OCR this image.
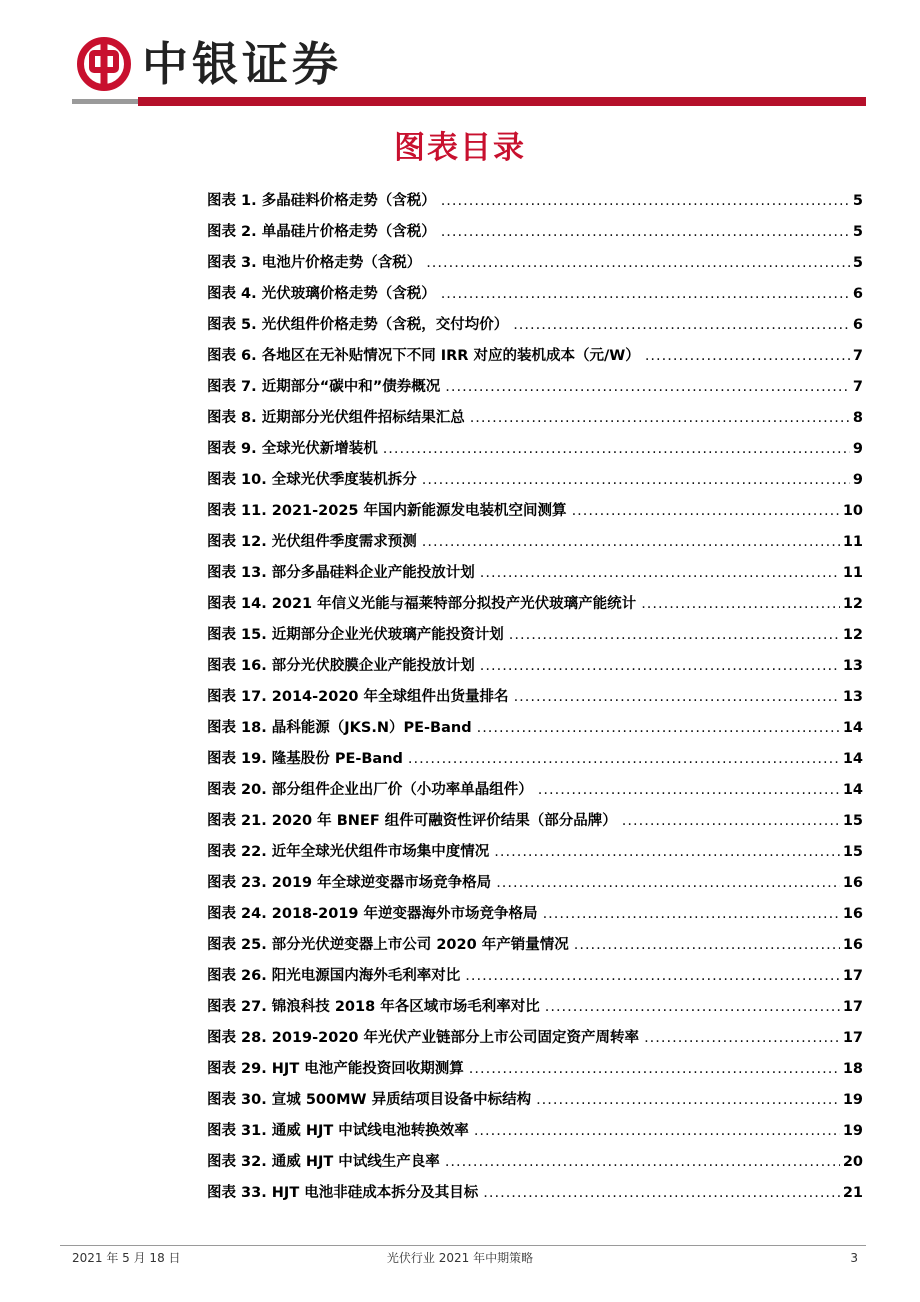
中银证券
图表目录
图表 1. 多晶硅料价格走势（含税） .....	5
图表 2. 单晶硅片价格走势（含税） .....	5
图表 3. 电池片价格走势（含税） .....	5
图表 4. 光伏玻璃价格走势（含税） .....	6
图表 5. 光伏组件价格走势（含税，交付均价） .....	6
图表 6. 各地区在无补贴情况下不同 IRR 对应的装机成本（元/W） .....	7
图表 7. 近期部分“碳中和”债券概况 .....	7
图表 8. 近期部分光伏组件招标结果汇总 .....	8
图表 9. 全球光伏新增装机 .....	9
图表 10. 全球光伏季度装机拆分 .....	9
图表 11. 2021-2025 年国内新能源发电装机空间测算 .....	10
图表 12. 光伏组件季度需求预测 .....	11
图表 13. 部分多晶硅料企业产能投放计划 .....	11
图表 14. 2021 年信义光能与福莱特部分拟投产光伏玻璃产能统计 .....	12
图表 15. 近期部分企业光伏玻璃产能投资计划 .....	12
图表 16. 部分光伏胶膜企业产能投放计划 .....	13
图表 17. 2014-2020 年全球组件出货量排名 .....	13
图表 18. 晶科能源（JKS.N）PE-Band .....	14
图表 19. 隆基股份 PE-Band .....	14
图表 20. 部分组件企业出厂价（小功率单晶组件） .....	14
图表 21. 2020 年 BNEF 组件可融资性评价结果（部分品牌） .....	15
图表 22. 近年全球光伏组件市场集中度情况 .....	15
图表 23. 2019 年全球逆变器市场竞争格局 .....	16
图表 24. 2018-2019 年逆变器海外市场竞争格局 .....	16
图表 25. 部分光伏逆变器上市公司 2020 年产销量情况 .....	16
图表 26. 阳光电源国内海外毛利率对比 .....	17
图表 27. 锦浪科技 2018 年各区域市场毛利率对比 .....	17
图表 28. 2019-2020 年光伏产业链部分上市公司固定资产周转率 .....	17
图表 29. HJT 电池产能投资回收期测算 .....	18
图表 30. 宣城 500MW 异质结项目设备中标结构 .....	19
图表 31. 通威 HJT 中试线电池转换效率 .....	19
图表 32. 通威 HJT 中试线生产良率 .....	20
图表 33. HJT 电池非硅成本拆分及其目标 .....	21
2021 年 5 月 18 日	光伏行业 2021 年中期策略	3
